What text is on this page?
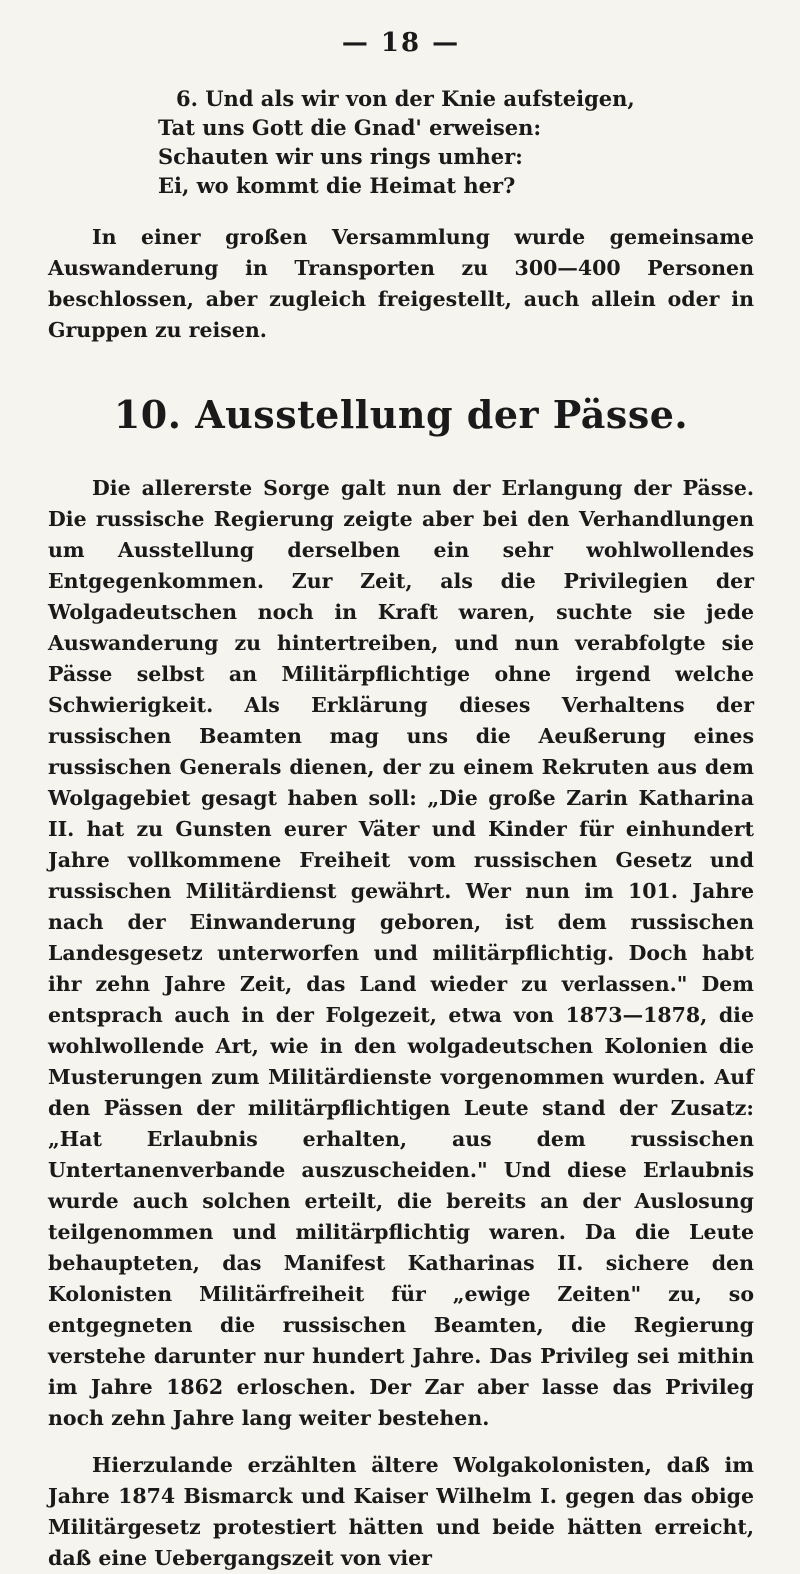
— 18 —
6. Und als wir von der Knie aufsteigen,
Tat uns Gott die Gnad' erweisen:
Schauten wir uns rings umher:
Ei, wo kommt die Heimat her?

In einer großen Versammlung wurde gemeinsame Auswanderung in Transporten zu 300—400 Personen beschlossen, aber zugleich freigestellt, auch allein oder in Gruppen zu reisen.

10. Ausstellung der Pässe.

Die allererste Sorge galt nun der Erlangung der Pässe. Die russische Regierung zeigte aber bei den Verhandlungen um Ausstellung derselben ein sehr wohlwollendes Entgegenkommen. Zur Zeit, als die Privilegien der Wolgadeutschen noch in Kraft waren, suchte sie jede Auswanderung zu hintertreiben, und nun verabfolgte sie Pässe selbst an Militärpflichtige ohne irgend welche Schwierigkeit. Als Erklärung dieses Verhaltens der russischen Beamten mag uns die Aeußerung eines russischen Generals dienen, der zu einem Rekruten aus dem Wolgagebiet gesagt haben soll: „Die große Zarin Katharina II. hat zu Gunsten eurer Väter und Kinder für einhundert Jahre vollkommene Freiheit vom russischen Gesetz und russischen Militärdienst gewährt. Wer nun im 101. Jahre nach der Einwanderung geboren, ist dem russischen Landesgesetz unterworfen und militärpflichtig. Doch habt ihr zehn Jahre Zeit, das Land wieder zu verlassen." Dem entsprach auch in der Folgezeit, etwa von 1873—1878, die wohlwollende Art, wie in den wolgadeutschen Kolonien die Musterungen zum Militärdienste vorgenommen wurden. Auf den Pässen der militärpflichtigen Leute stand der Zusatz: „Hat Erlaubnis erhalten, aus dem russischen Untertanenverbande auszuscheiden." Und diese Erlaubnis wurde auch solchen erteilt, die bereits an der Auslosung teilgenommen und militärpflichtig waren. Da die Leute behaupteten, das Manifest Katharinas II. sichere den Kolonisten Militärfreiheit für „ewige Zeiten" zu, so entgegneten die russischen Beamten, die Regierung verstehe darunter nur hundert Jahre. Das Privileg sei mithin im Jahre 1862 erloschen. Der Zar aber lasse das Privileg noch zehn Jahre lang weiter bestehen.

Hierzulande erzählten ältere Wolgakolonisten, daß im Jahre 1874 Bismarck und Kaiser Wilhelm I. gegen das obige Militärgesetz protestiert hätten und beide hätten erreicht, daß eine Uebergangszeit von vier
